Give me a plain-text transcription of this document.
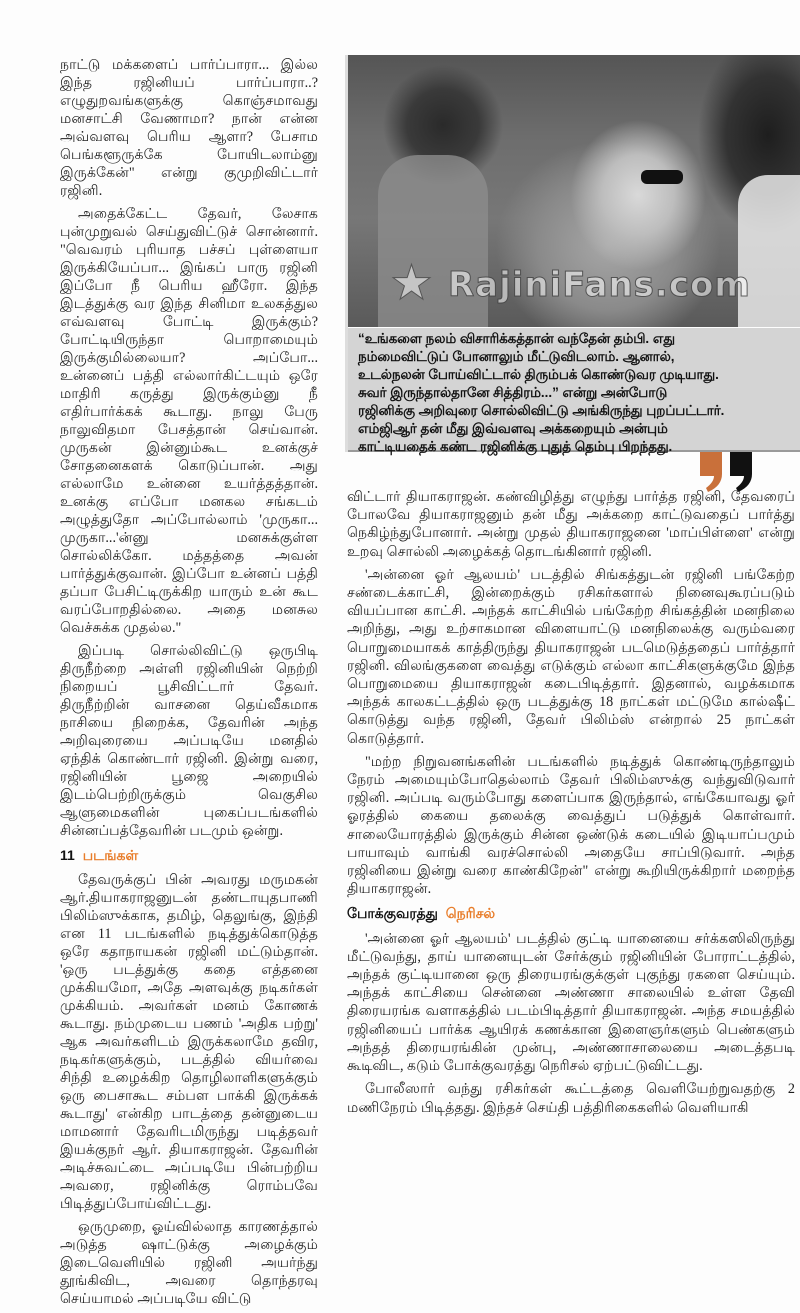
நாட்டு மக்களைப் பார்ப்பாரா... இல்ல இந்த ரஜினியப் பார்ப்பாரா..? எழுதுறவங்களுக்கு கொஞ்சமாவது மனசாட்சி வேணாமா? நான் என்ன அவ்வளவு பெரிய ஆளா? பேசாம பெங்களூருக்கே போயிடலாம்னு இருக்கேன்" என்று குமுறிவிட்டார் ரஜினி.

அதைக்கேட்ட தேவர், லேசாக புன்முறுவல் செய்துவிட்டுச் சொன்னார். "வெவரம் புரியாத பச்சப் புள்ளையா இருக்கியேப்பா... இங்கப் பாரு ரஜினி இப்போ நீ பெரிய ஹீரோ. இந்த இடத்துக்கு வர இந்த சினிமா உலகத்துல எவ்வளவு போட்டி இருக்கும்? போட்டியிருந்தா பொறாமையும் இருக்குமில்லையா? அப்போ... உன்னைப் பத்தி எல்லார்கிட்டயும் ஒரே மாதிரி கருத்து இருக்கும்னு நீ எதிர்பார்க்கக் கூடாது. நாலு பேரு நாலுவிதமா பேசத்தான் செய்வான். முருகன் இன்னும்கூட உனக்குச் சோதனைகளக் கொடுப்பான். அது எல்லாமே உன்னை உயர்த்தத்தான். உனக்கு எப்போ மனகல சங்கடம் அழுத்துதோ அப்போல்லாம் 'முருகா... முருகா...'ன்னு மனசுக்குள்ள சொல்லிக்கோ. மத்தத்தை அவன் பார்த்துக்குவான். இப்போ உன்னப் பத்தி தப்பா பேசிட்டிருக்கிற யாரும் உன் கூட வரப்போறதில்லை. அதை மனசுல வெச்சுக்க முதல்ல."

இப்படி சொல்லிவிட்டு ஒருபிடி திருநீற்றை அள்ளி ரஜினியின் நெற்றி நிறையப் பூசிவிட்டார் தேவர். திருநீற்றின் வாசனை தெய்வீகமாக நாசியை நிறைக்க, தேவரின் அந்த அறிவுரையை அப்படியே மனதில் ஏந்திக் கொண்டார் ரஜினி. இன்று வரை, ரஜினியின் பூஜை அறையில் இடம்பெற்றிருக்கும் வெகுசில ஆளுமைகளின் புகைப்படங்களில் சின்னப்பத்தேவரின் படமும் ஒன்று.

11 படங்கள்

தேவருக்குப் பின் அவரது மருமகன் ஆர்.தியாகராஜனுடன் தண்டாயுதபாணி பிலிம்ஸுக்காக, தமிழ், தெலுங்கு, இந்தி என 11 படங்களில் நடித்துக்கொடுத்த ஒரே கதாநாயகன் ரஜினி மட்டும்தான். 'ஒரு படத்துக்கு கதை எத்தனை முக்கியமோ, அதே அளவுக்கு நடிகர்கள் முக்கியம். அவர்கள் மனம் கோணக் கூடாது. நம்முடைய பணம் 'அதிக பற்று' ஆக அவர்களிடம் இருக்கலாமே தவிர, நடிகர்களுக்கும், படத்தில் வியர்வை சிந்தி உழைக்கிற தொழிலாளிகளுக்கும் ஒரு பைசாகூட சம்பள பாக்கி இருக்கக் கூடாது' என்கிற பாடத்தை தன்னுடைய மாமனார் தேவரிடமிருந்து படித்தவர் இயக்குநர் ஆர். தியாகராஜன். தேவரின் அடிச்சுவட்டை அப்படியே பின்பற்றிய அவரை, ரஜினிக்கு ரொம்பவே பிடித்துப்போய்விட்டது.

ஒருமுறை, ஓய்வில்லாத காரணத்தால் அடுத்த ஷாட்டுக்கு அழைக்கும் இடைவெளியில் ரஜினி அயர்ந்து தூங்கிவிட, அவரை தொந்தரவு செய்யாமல் அப்படியே விட்டு

★ RajiniFans.com
“உங்களை நலம் விசாரிக்கத்தான் வந்தேன் தம்பி. எது
நம்மைவிட்டுப் போனாலும் மீட்டுவிடலாம். ஆனால்,
உடல்நலன் போய்விட்டால் திரும்பக் கொண்டுவர முடியாது.
சுவர் இருந்தால்தானே சித்திரம்...” என்று அன்போடு
ரஜினிக்கு அறிவுரை சொல்லிவிட்டு அங்கிருந்து புறப்பட்டார்.
எம்ஜிஆர் தன் மீது இவ்வளவு அக்கறையும் அன்பும்
காட்டியதைக் கண்ட ரஜினிக்கு புதுத் தெம்பு பிறந்தது.

விட்டார் தியாகராஜன். கண்விழித்து எழுந்து பார்த்த ரஜினி, தேவரைப் போலவே தியாகராஜனும் தன் மீது அக்கறை காட்டுவதைப் பார்த்து நெகிழ்ந்துபோனார். அன்று முதல் தியாகராஜனை 'மாப்பிள்ளை' என்று உறவு சொல்லி அழைக்கத் தொடங்கினார் ரஜினி.

'அன்னை ஓர் ஆலயம்' படத்தில் சிங்கத்துடன் ரஜினி பங்கேற்ற சண்டைக்காட்சி, இன்றைக்கும் ரசிகர்களால் நினைவுகூரப்படும் வியப்பான காட்சி. அந்தக் காட்சியில் பங்கேற்ற சிங்கத்தின் மனநிலை அறிந்து, அது உற்சாகமான விளையாட்டு மனநிலைக்கு வரும்வரை பொறுமையாகக் காத்திருந்து தியாகராஜன் படமெடுத்ததைப் பார்த்தார் ரஜினி. விலங்குகளை வைத்து எடுக்கும் எல்லா காட்சிகளுக்குமே இந்த பொறுமையை தியாகராஜன் கடைபிடித்தார். இதனால், வழக்கமாக அந்தக் காலகட்டத்தில் ஒரு படத்துக்கு 18 நாட்கள் மட்டுமே கால்ஷீட் கொடுத்து வந்த ரஜினி, தேவர் பிலிம்ஸ் என்றால் 25 நாட்கள் கொடுத்தார்.

"மற்ற நிறுவனங்களின் படங்களில் நடித்துக் கொண்டிருந்தாலும் நேரம் அமையும்போதெல்லாம் தேவர் பிலிம்ஸுக்கு வந்துவிடுவார் ரஜினி. அப்படி வரும்போது களைப்பாக இருந்தால், எங்கேயாவது ஓர் ஓரத்தில் கையை தலைக்கு வைத்துப் படுத்துக் கொள்வார். சாலையோரத்தில் இருக்கும் சின்ன ஒண்டுக் கடையில் இடியாப்பமும் பாயாவும் வாங்கி வரச்சொல்லி அதையே சாப்பிடுவார். அந்த ரஜினியை இன்று வரை காண்கிறேன்" என்று கூறியிருக்கிறார் மறைந்த தியாகராஜன்.

போக்குவரத்து நெரிசல்

'அன்னை ஓர் ஆலயம்' படத்தில் குட்டி யானையை சர்க்கஸிலிருந்து மீட்டுவந்து, தாய் யானையுடன் சேர்க்கும் ரஜினியின் போராட்டத்தில், அந்தக் குட்டியானை ஒரு திரையரங்குக்குள் புகுந்து ரகளை செய்யும். அந்தக் காட்சியை சென்னை அண்ணா சாலையில் உள்ள தேவி திரையரங்க வளாகத்தில் படம்பிடித்தார் தியாகராஜன். அந்த சமயத்தில் ரஜினியைப் பார்க்க ஆயிரக் கணக்கான இளைஞர்களும் பெண்களும் அந்தத் திரையரங்கின் முன்பு, அண்ணாசாலையை அடைத்தபடி கூடிவிட, கடும் போக்குவரத்து நெரிசல் ஏற்பட்டுவிட்டது.

போலீஸார் வந்து ரசிகர்கள் கூட்டத்தை வெளியேற்றுவதற்கு 2 மணிநேரம் பிடித்தது. இந்தச் செய்தி பத்திரிகைகளில் வெளியாகி
